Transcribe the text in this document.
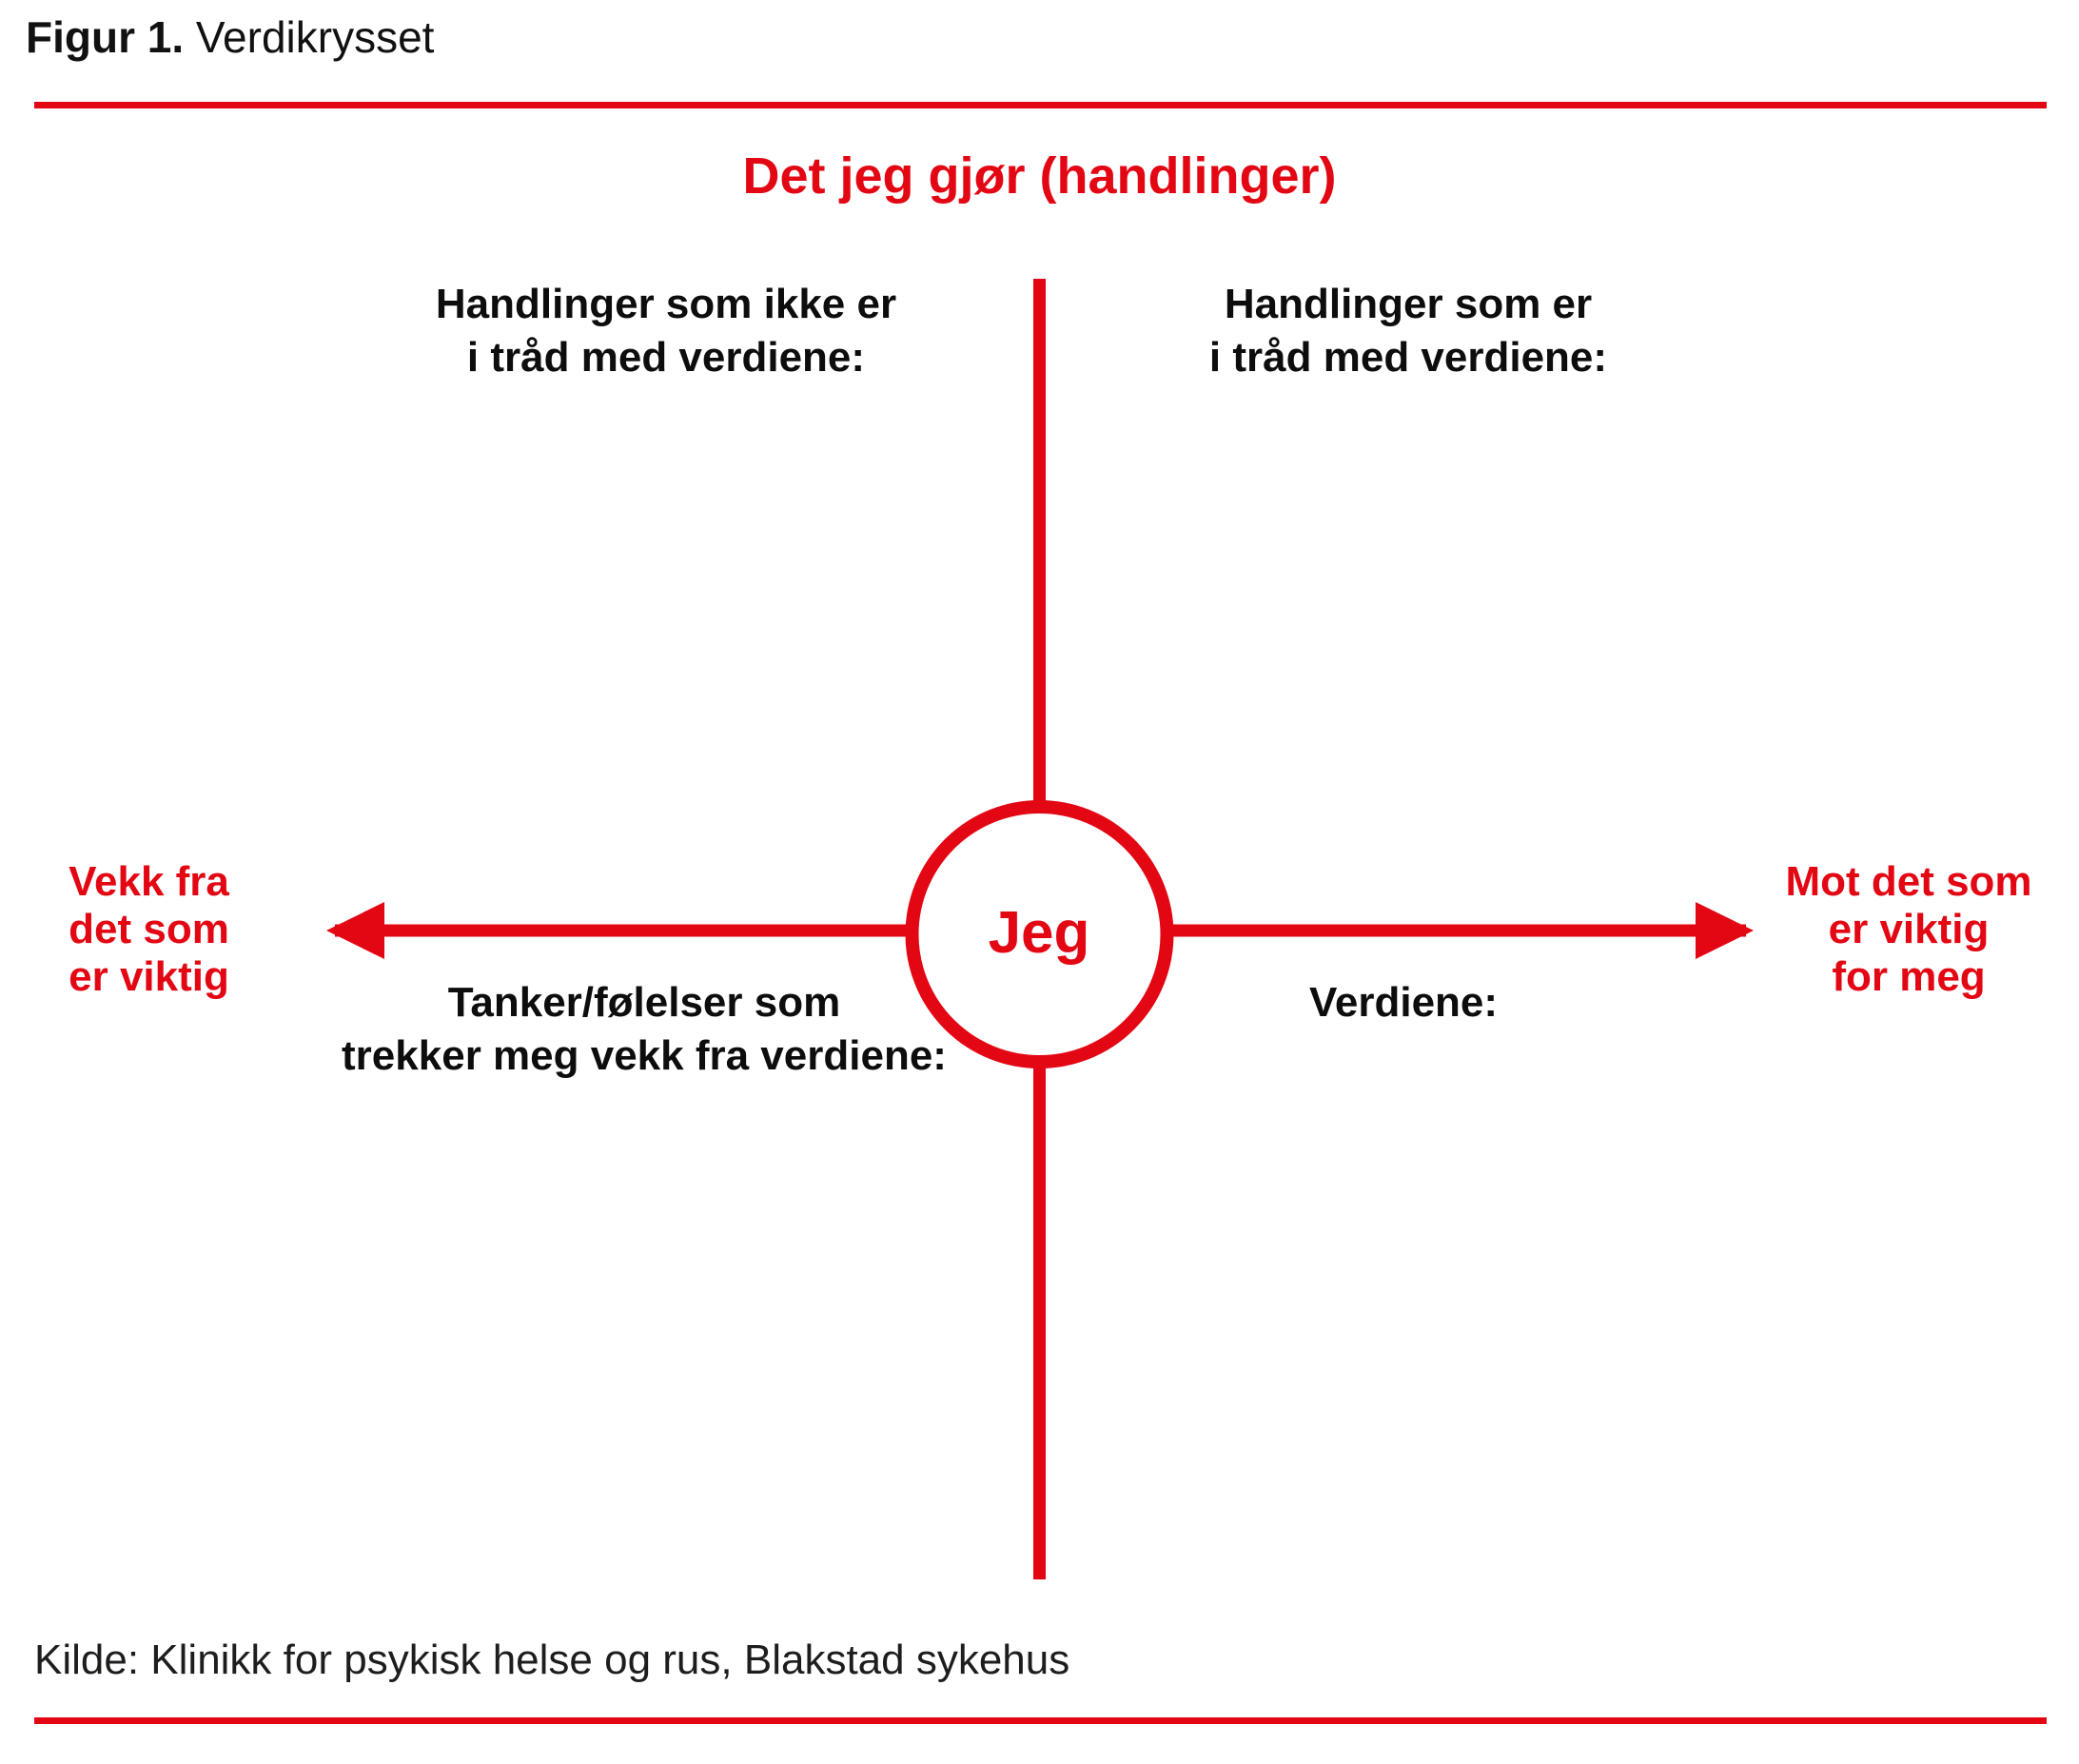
Figur 1. Verdikrysset
Det jeg gjør (handlinger)
Handlinger som ikke er
i tråd med verdiene:
Handlinger som er
i tråd med verdiene:
Tanker/følelser som
trekker meg vekk fra verdiene:
Verdiene:
Vekk fra
det som
er viktig
Mot det som
er viktig
for meg
Jeg
Kilde: Klinikk for psykisk helse og rus, Blakstad sykehus
